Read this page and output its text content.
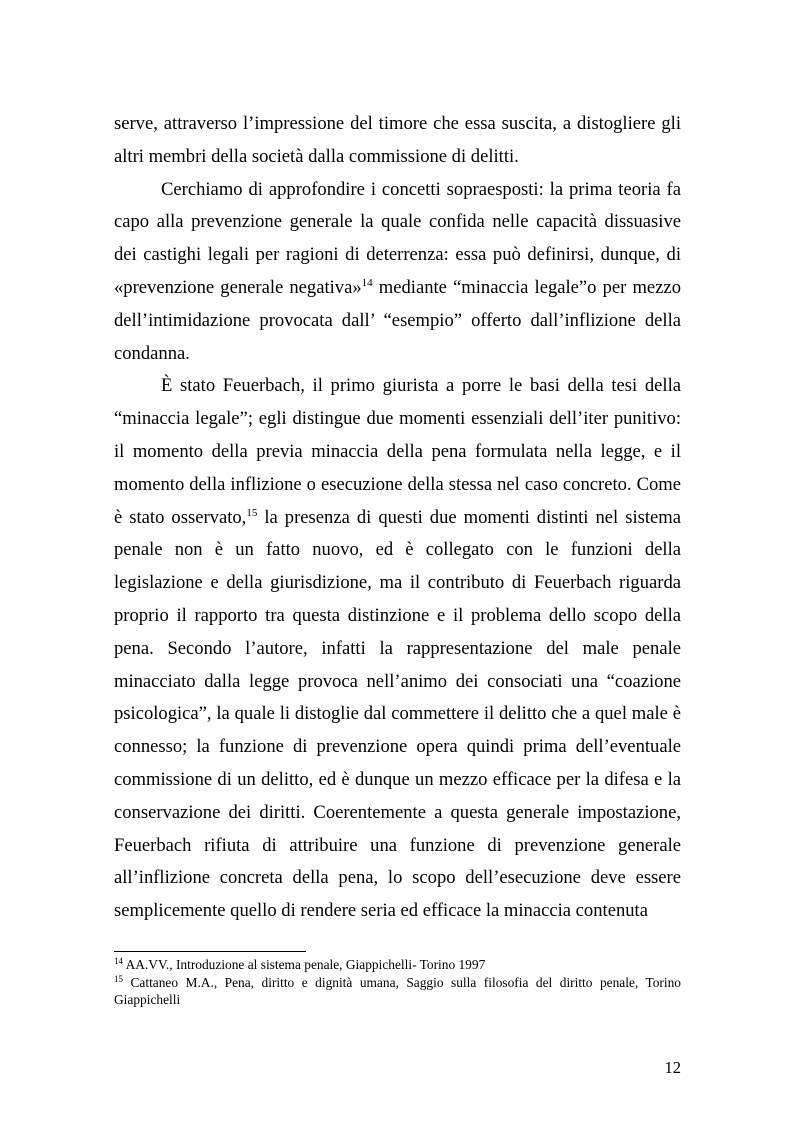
serve, attraverso l’impressione del timore che essa suscita, a distogliere gli altri membri della società dalla commissione di delitti.

Cerchiamo di approfondire i concetti sopraesposti: la prima teoria fa capo alla prevenzione generale la quale confida nelle capacità dissuasive dei castighi legali per ragioni di deterrenza: essa può definirsi, dunque, di «prevenzione generale negativa»$^{14}$ mediante “minaccia legale”o per mezzo dell’intimidazione provocata dall’ “esempio” offerto dall’inflizione della condanna.

È stato Feuerbach, il primo giurista a porre le basi della tesi della “minaccia legale”; egli distingue due momenti essenziali dell’iter punitivo: il momento della previa minaccia della pena formulata nella legge, e il momento della inflizione o esecuzione della stessa nel caso concreto. Come è stato osservato,$^{15}$ la presenza di questi due momenti distinti nel sistema penale non è un fatto nuovo, ed è collegato con le funzioni della legislazione e della giurisdizione, ma il contributo di Feuerbach riguarda proprio il rapporto tra questa distinzione e il problema dello scopo della pena. Secondo l’autore, infatti la rappresentazione del male penale minacciato dalla legge provoca nell’animo dei consociati una “coazione psicologica”, la quale li distoglie dal commettere il delitto che a quel male è connesso; la funzione di prevenzione opera quindi prima dell’eventuale commissione di un delitto, ed è dunque un mezzo efficace per la difesa e la conservazione dei diritti. Coerentemente a questa generale impostazione, Feuerbach rifiuta di attribuire una funzione di prevenzione generale all’inflizione concreta della pena, lo scopo dell’esecuzione deve essere semplicemente quello di rendere seria ed efficace la minaccia contenuta

$^{14}$ AA.VV., Introduzione al sistema penale, Giappichelli- Torino 1997

$^{15}$ Cattaneo M.A., Pena, diritto e dignità umana, Saggio sulla filosofia del diritto penale, Torino Giappichelli

12
